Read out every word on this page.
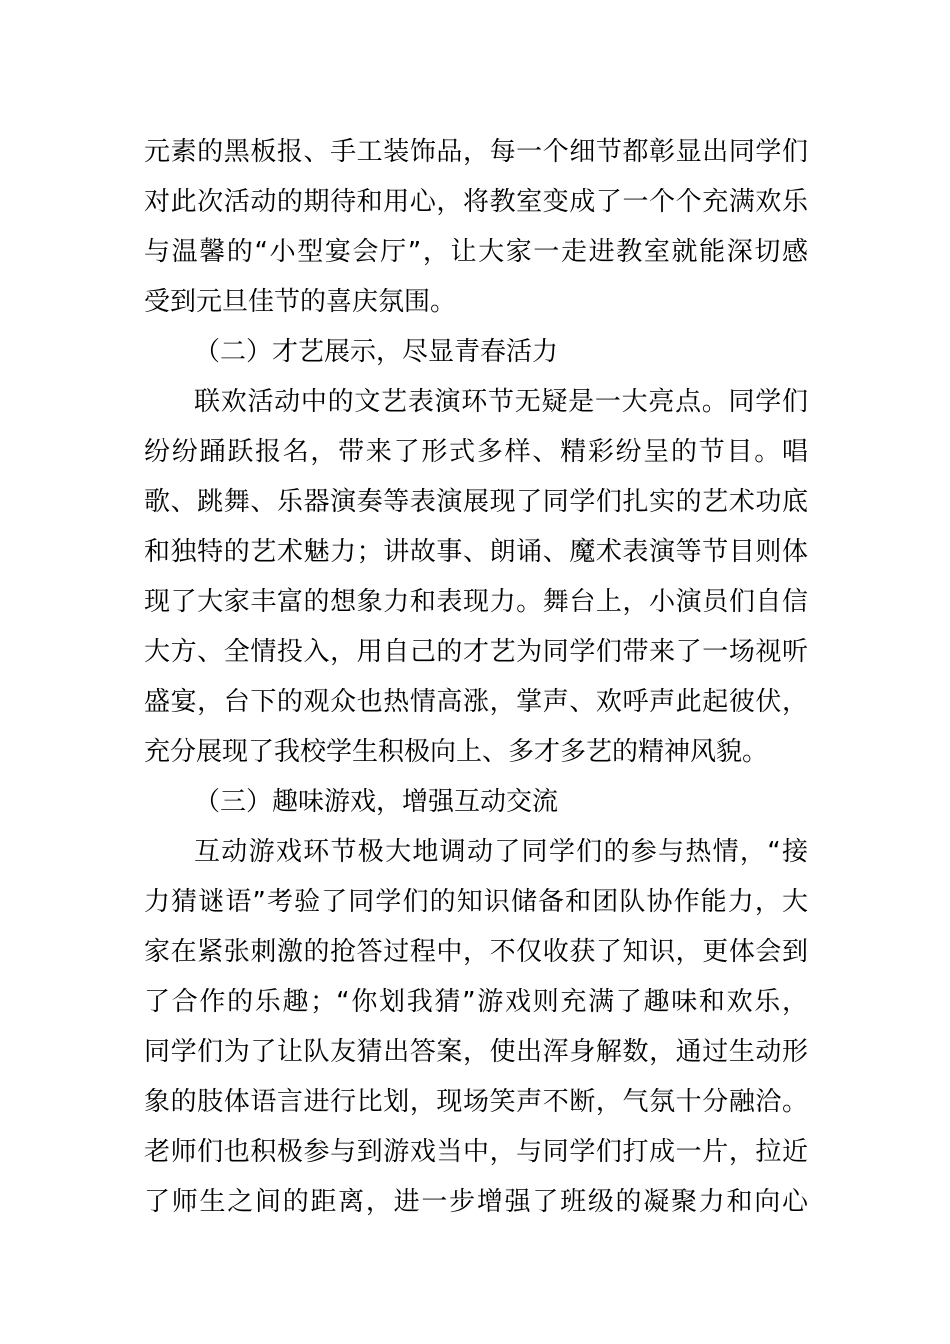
元素的黑板报、手工装饰品，每一个细节都彰显出同学们
对此次活动的期待和用心，将教室变成了一个个充满欢乐
与温馨的“小型宴会厅”，让大家一走进教室就能深切感
受到元旦佳节的喜庆氛围。
（二）才艺展示，尽显青春活力
联欢活动中的文艺表演环节无疑是一大亮点。同学们
纷纷踊跃报名，带来了形式多样、精彩纷呈的节目。唱
歌、跳舞、乐器演奏等表演展现了同学们扎实的艺术功底
和独特的艺术魅力；讲故事、朗诵、魔术表演等节目则体
现了大家丰富的想象力和表现力。舞台上，小演员们自信
大方、全情投入，用自己的才艺为同学们带来了一场视听
盛宴，台下的观众也热情高涨，掌声、欢呼声此起彼伏，
充分展现了我校学生积极向上、多才多艺的精神风貌。
（三）趣味游戏，增强互动交流
互动游戏环节极大地调动了同学们的参与热情，“接
力猜谜语”考验了同学们的知识储备和团队协作能力，大
家在紧张刺激的抢答过程中，不仅收获了知识，更体会到
了合作的乐趣；“你划我猜”游戏则充满了趣味和欢乐，
同学们为了让队友猜出答案，使出浑身解数，通过生动形
象的肢体语言进行比划，现场笑声不断，气氛十分融洽。
老师们也积极参与到游戏当中，与同学们打成一片，拉近
了师生之间的距离，进一步增强了班级的凝聚力和向心
